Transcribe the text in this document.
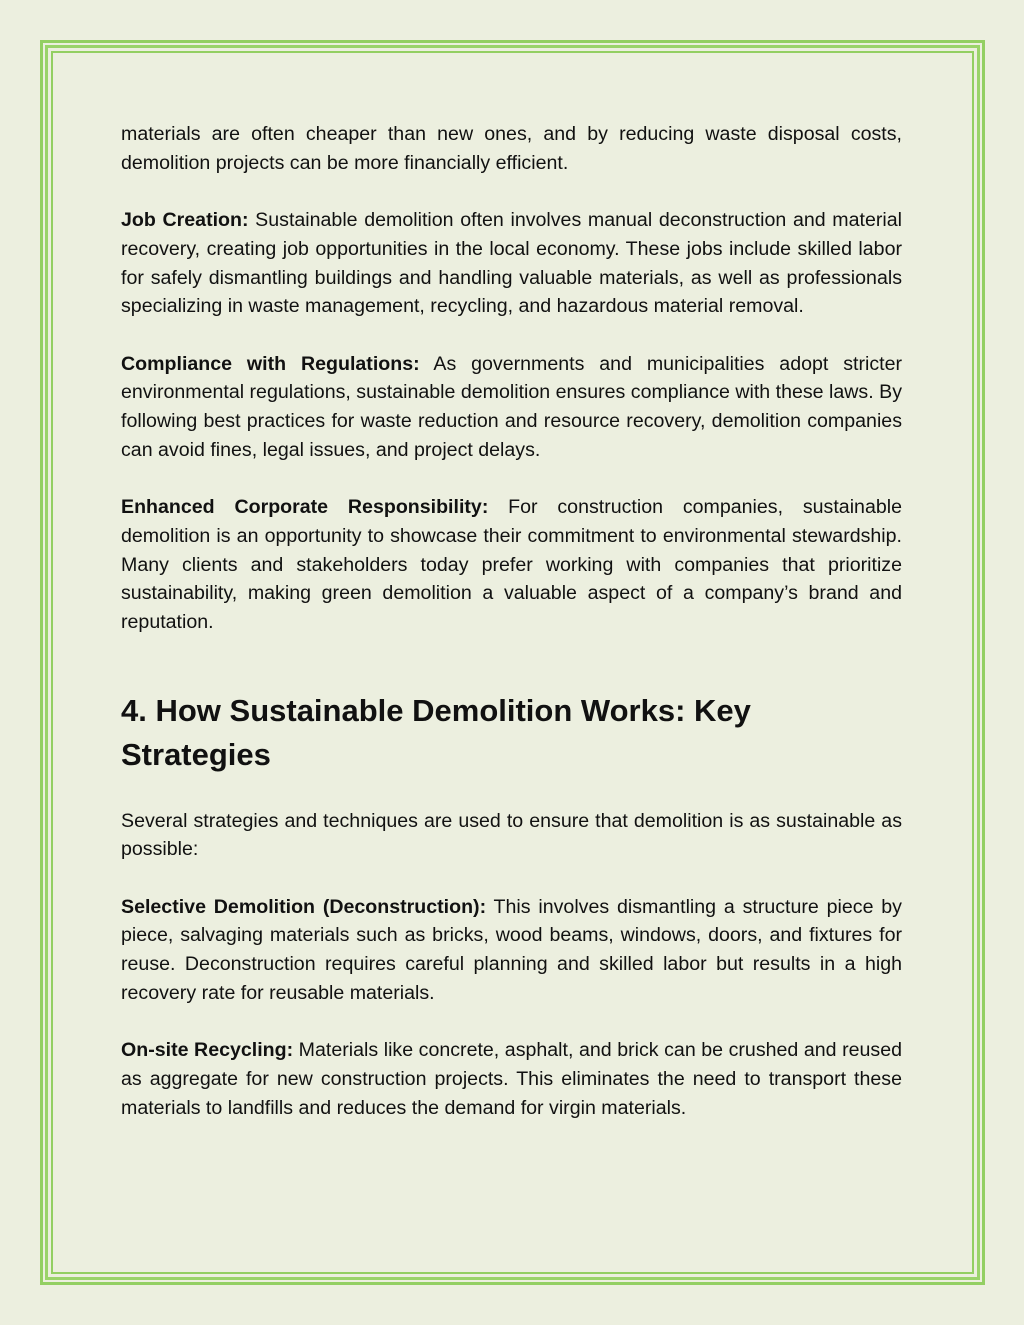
materials are often cheaper than new ones, and by reducing waste disposal costs, demolition projects can be more financially efficient.

Job Creation: Sustainable demolition often involves manual deconstruction and material recovery, creating job opportunities in the local economy. These jobs include skilled labor for safely dismantling buildings and handling valuable materials, as well as professionals specializing in waste management, recycling, and hazardous material removal.

Compliance with Regulations: As governments and municipalities adopt stricter environmental regulations, sustainable demolition ensures compliance with these laws. By following best practices for waste reduction and resource recovery, demolition companies can avoid fines, legal issues, and project delays.

Enhanced Corporate Responsibility: For construction companies, sustainable demolition is an opportunity to showcase their commitment to environmental stewardship. Many clients and stakeholders today prefer working with companies that prioritize sustainability, making green demolition a valuable aspect of a company’s brand and reputation.

4. How Sustainable Demolition Works: Key Strategies

Several strategies and techniques are used to ensure that demolition is as sustainable as possible:

Selective Demolition (Deconstruction): This involves dismantling a structure piece by piece, salvaging materials such as bricks, wood beams, windows, doors, and fixtures for reuse. Deconstruction requires careful planning and skilled labor but results in a high recovery rate for reusable materials.

On-site Recycling: Materials like concrete, asphalt, and brick can be crushed and reused as aggregate for new construction projects. This eliminates the need to transport these materials to landfills and reduces the demand for virgin materials.
